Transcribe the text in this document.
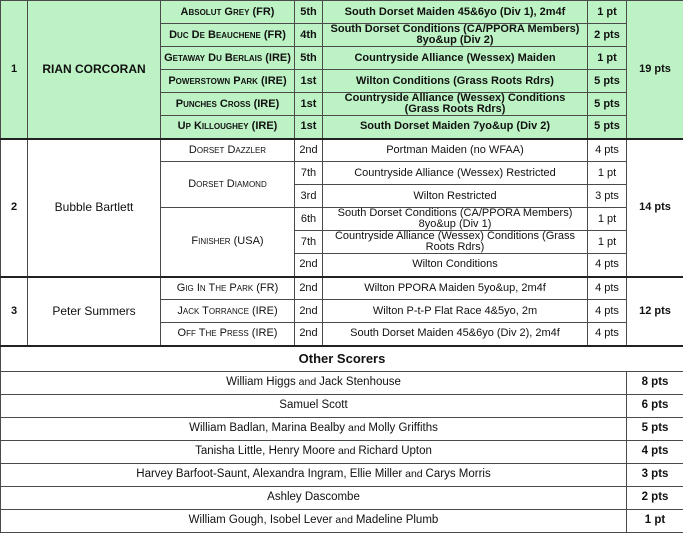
1	RIAN CORCORAN	Absolut Grey (FR)	5th	South Dorset Maiden 45&6yo (Div 1), 2m4f	1 pt	19 pts
		Duc De Beauchene (FR)	4th	South Dorset Conditions (CA/PPORA Members) 8yo&up (Div 2)	2 pts	
		Getaway Du Berlais (IRE)	5th	Countryside Alliance (Wessex) Maiden	1 pt	
		Powerstown Park (IRE)	1st	Wilton Conditions (Grass Roots Rdrs)	5 pts	
		Punches Cross (IRE)	1st	Countryside Alliance (Wessex) Conditions (Grass Roots Rdrs)	5 pts	
		Up Killoughey (IRE)	1st	South Dorset Maiden 7yo&up (Div 2)	5 pts	
2	Bubble Bartlett	Dorset Dazzler	2nd	Portman Maiden (no WFAA)	4 pts	14 pts
		Dorset Diamond	7th	Countryside Alliance (Wessex) Restricted	1 pt	
			3rd	Wilton Restricted	3 pts	
		Finisher (USA)	6th	South Dorset Conditions (CA/PPORA Members) 8yo&up (Div 1)	1 pt	
			7th	Countryside Alliance (Wessex) Conditions (Grass Roots Rdrs)	1 pt	
			2nd	Wilton Conditions	4 pts	
3	Peter Summers	Gig In The Park (FR)	2nd	Wilton PPORA Maiden 5yo&up, 2m4f	4 pts	12 pts
		Jack Torrance (IRE)	2nd	Wilton P-t-P Flat Race 4&5yo, 2m	4 pts	
		Off The Press (IRE)	2nd	South Dorset Maiden 45&6yo (Div 2), 2m4f	4 pts	
Other Scorers						
William Higgs and Jack Stenhouse						8 pts
Samuel Scott						6 pts
William Badlan, Marina Bealby and Molly Griffiths						5 pts
Tanisha Little, Henry Moore and Richard Upton						4 pts
Harvey Barfoot-Saunt, Alexandra Ingram, Ellie Miller and Carys Morris						3 pts
Ashley Dascombe						2 pts
William Gough, Isobel Lever and Madeline Plumb						1 pt
